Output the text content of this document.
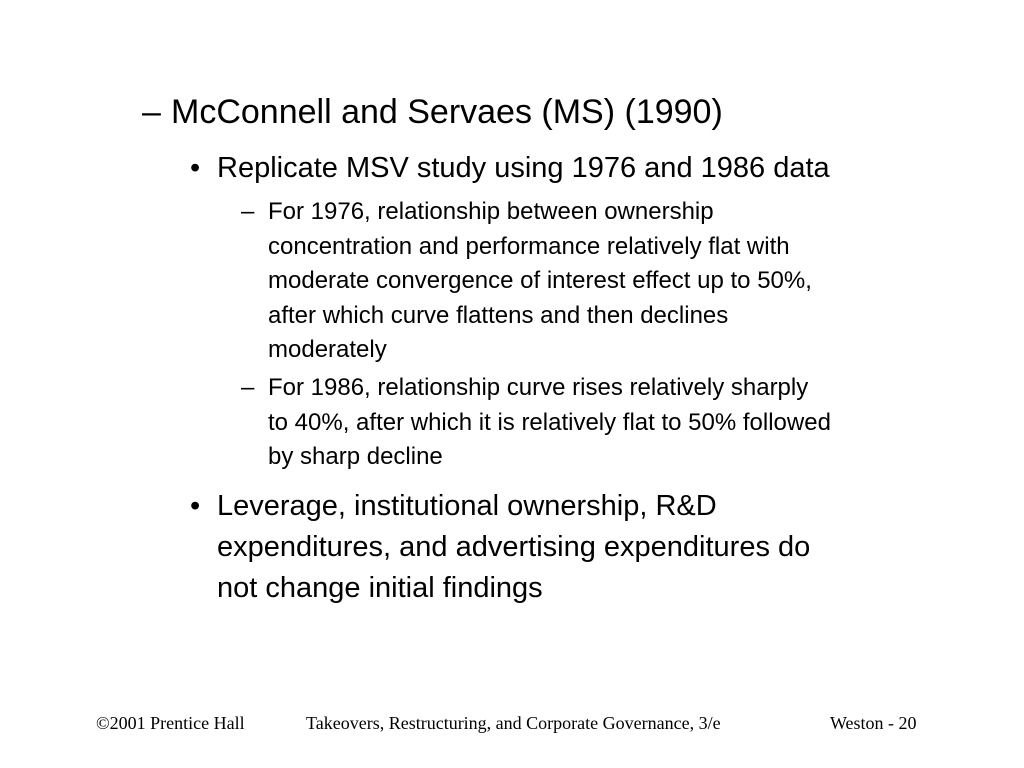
– McConnell and Servaes (MS) (1990)
• Replicate MSV study using 1976 and 1986 data
– For 1976, relationship between ownership
concentration and performance relatively flat with
moderate convergence of interest effect up to 50%,
after which curve flattens and then declines
moderately
– For 1986, relationship curve rises relatively sharply
to 40%, after which it is relatively flat to 50% followed
by sharp decline
• Leverage, institutional ownership, R&D
expenditures, and advertising expenditures do
not change initial findings
©2001 Prentice Hall	Takeovers, Restructuring, and Corporate Governance, 3/e	Weston - 20
